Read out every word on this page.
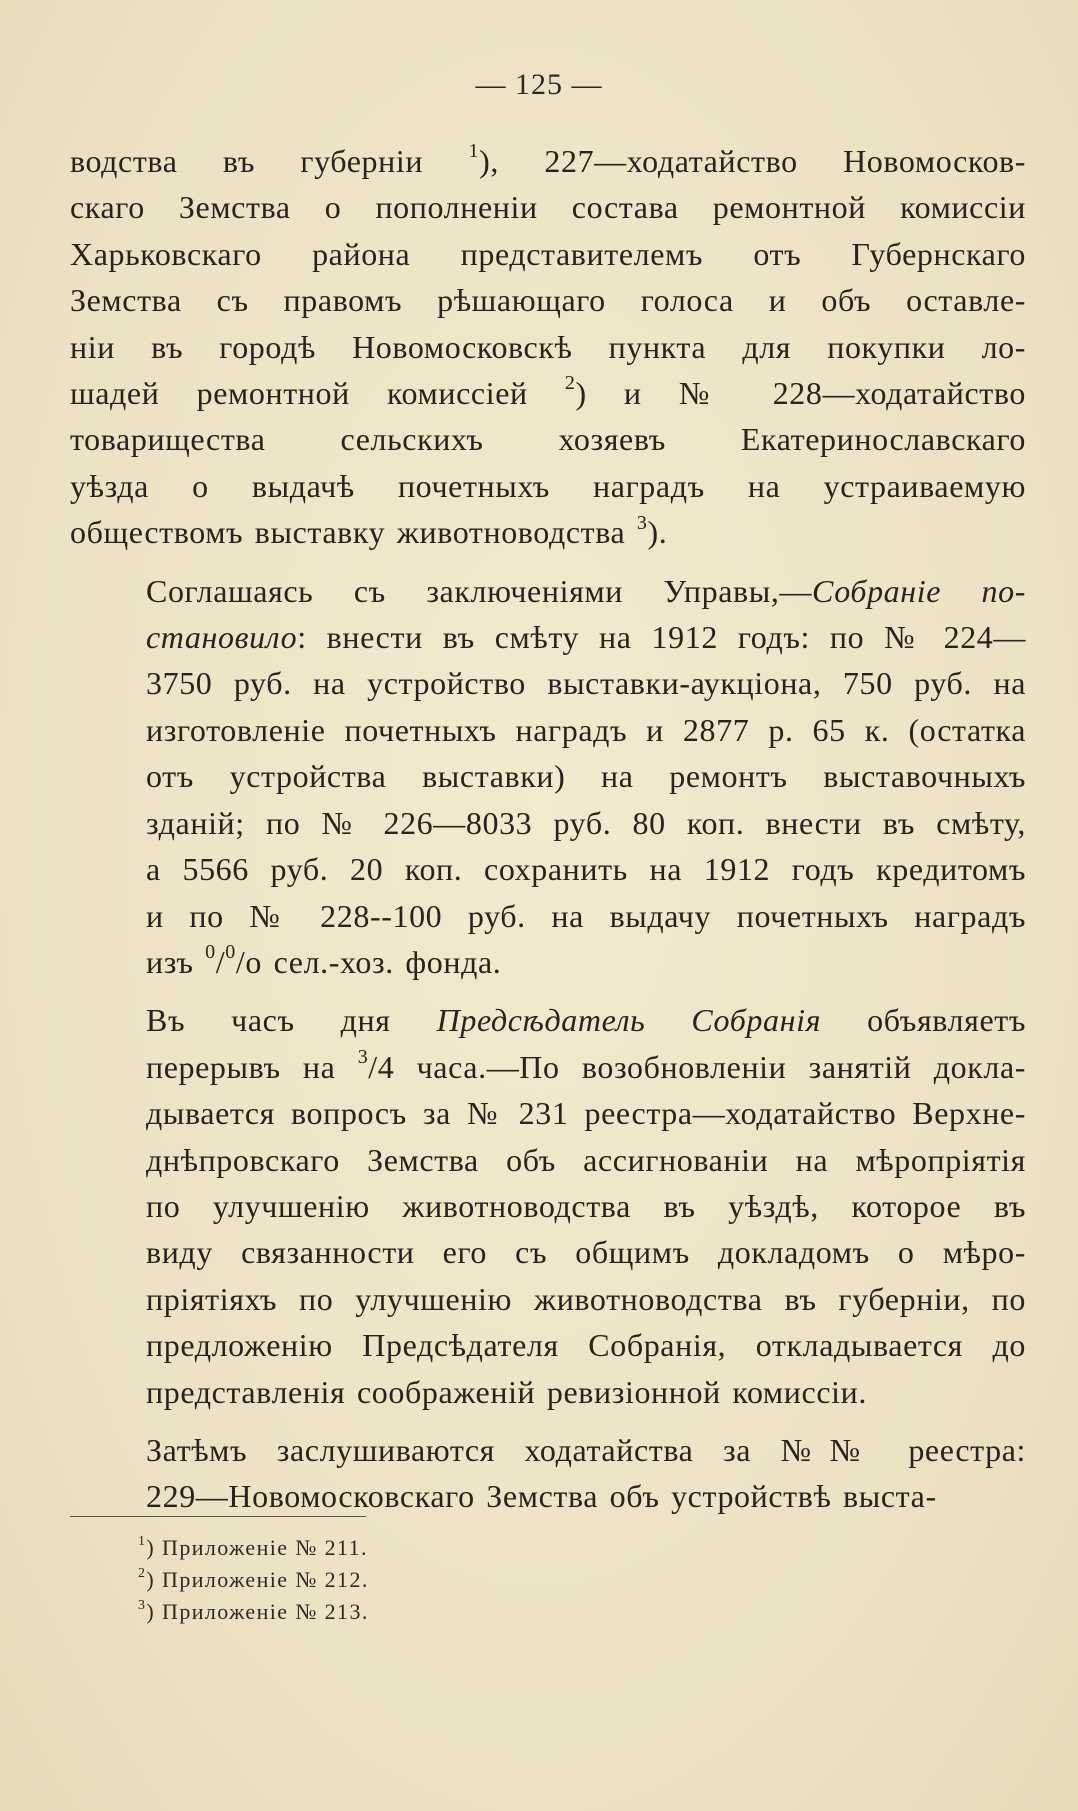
— 125 —

водства въ губерніи $^1$), 227—ходатайство Новомосков-
скаго Земства о пополненіи состава ремонтной комиссіи
Харьковскаго района представителемъ отъ Губернскаго
Земства съ правомъ рѣшающаго голоса и объ оставле-
ніи въ городѣ Новомосковскѣ пункта для покупки ло-
шадей ремонтной комиссіей $^2$) и № 228—ходатайство
товарищества сельскихъ хозяевъ Екатеринославскаго
уѣзда о выдачѣ почетныхъ наградъ на устраиваемую
обществомъ выставку животноводства $^3$).

Соглашаясь съ заключеніями Управы,—Собраніе по-
становило: внести въ смѣту на 1912 годъ: по № 224—
3750 руб. на устройство выставки-аукціона, 750 руб. на
изготовленіе почетныхъ наградъ и 2877 р. 65 к. (остатка
отъ устройства выставки) на ремонтъ выставочныхъ
зданій; по № 226—8033 руб. 80 коп. внести въ смѣту,
а 5566 руб. 20 коп. сохранить на 1912 годъ кредитомъ
и по № 228--100 руб. на выдачу почетныхъ наградъ
изъ $^0$/$^0$/o сел.-хоз. фонда.

Въ часъ дня Предсѣдатель Собранія объявляетъ
перерывъ на $^3$/4 часа.—По возобновленіи занятій докла-
дывается вопросъ за № 231 реестра—ходатайство Верхне-
днѣпровскаго Земства объ ассигнованіи на мѣропріятія
по улучшенію животноводства въ уѣздѣ, которое въ
виду связанности его съ общимъ докладомъ о мѣро-
пріятіяхъ по улучшенію животноводства въ губерніи, по
предложенію Предсѣдателя Собранія, откладывается до
представленія соображеній ревизіонной комиссіи.

Затѣмъ заслушиваются ходатайства за №№ реестра:
229—Новомосковскаго Земства объ устройствѣ выста-

$^1$) Приложеніе № 211.
$^2$) Приложеніе № 212.
$^3$) Приложеніе № 213.
